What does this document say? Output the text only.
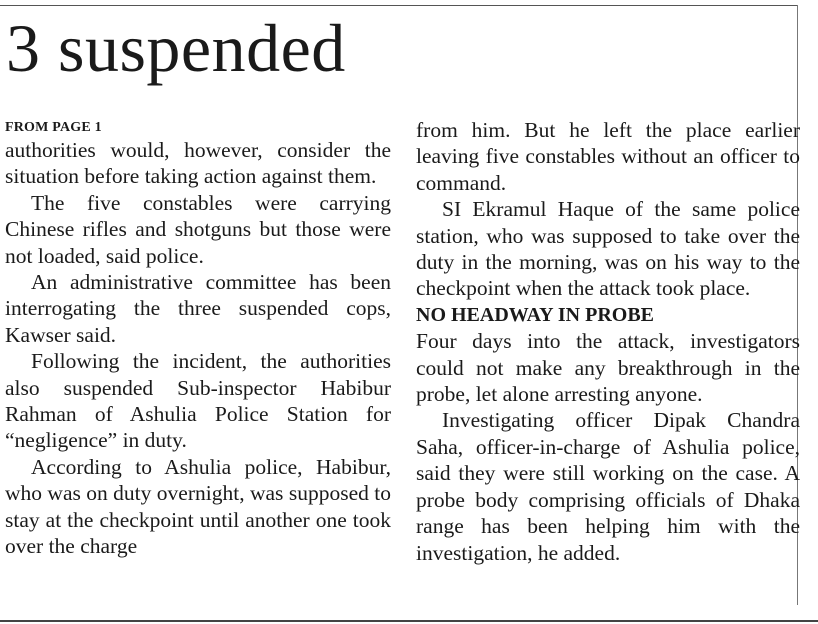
3 suspended
FROM PAGE 1

authorities would, however, consider the situation before taking action against them.

The five constables were carrying Chinese rifles and shotguns but those were not loaded, said police.

An administrative committee has been interrogating the three suspended cops, Kawser said.

Following the incident, the authorities also suspended Sub-inspector Habibur Rahman of Ashulia Police Station for “negligence” in duty.

According to Ashulia police, Habibur, who was on duty overnight, was supposed to stay at the checkpoint until another one took over the charge

from him. But he left the place earlier leaving five constables without an officer to command.

SI Ekramul Haque of the same police station, who was supposed to take over the duty in the morning, was on his way to the checkpoint when the attack took place.

NO HEADWAY IN PROBE

Four days into the attack, investigators could not make any breakthrough in the probe, let alone arresting anyone.

Investigating officer Dipak Chandra Saha, officer-in-charge of Ashulia police, said they were still working on the case. A probe body comprising officials of Dhaka range has been helping him with the investigation, he added.
